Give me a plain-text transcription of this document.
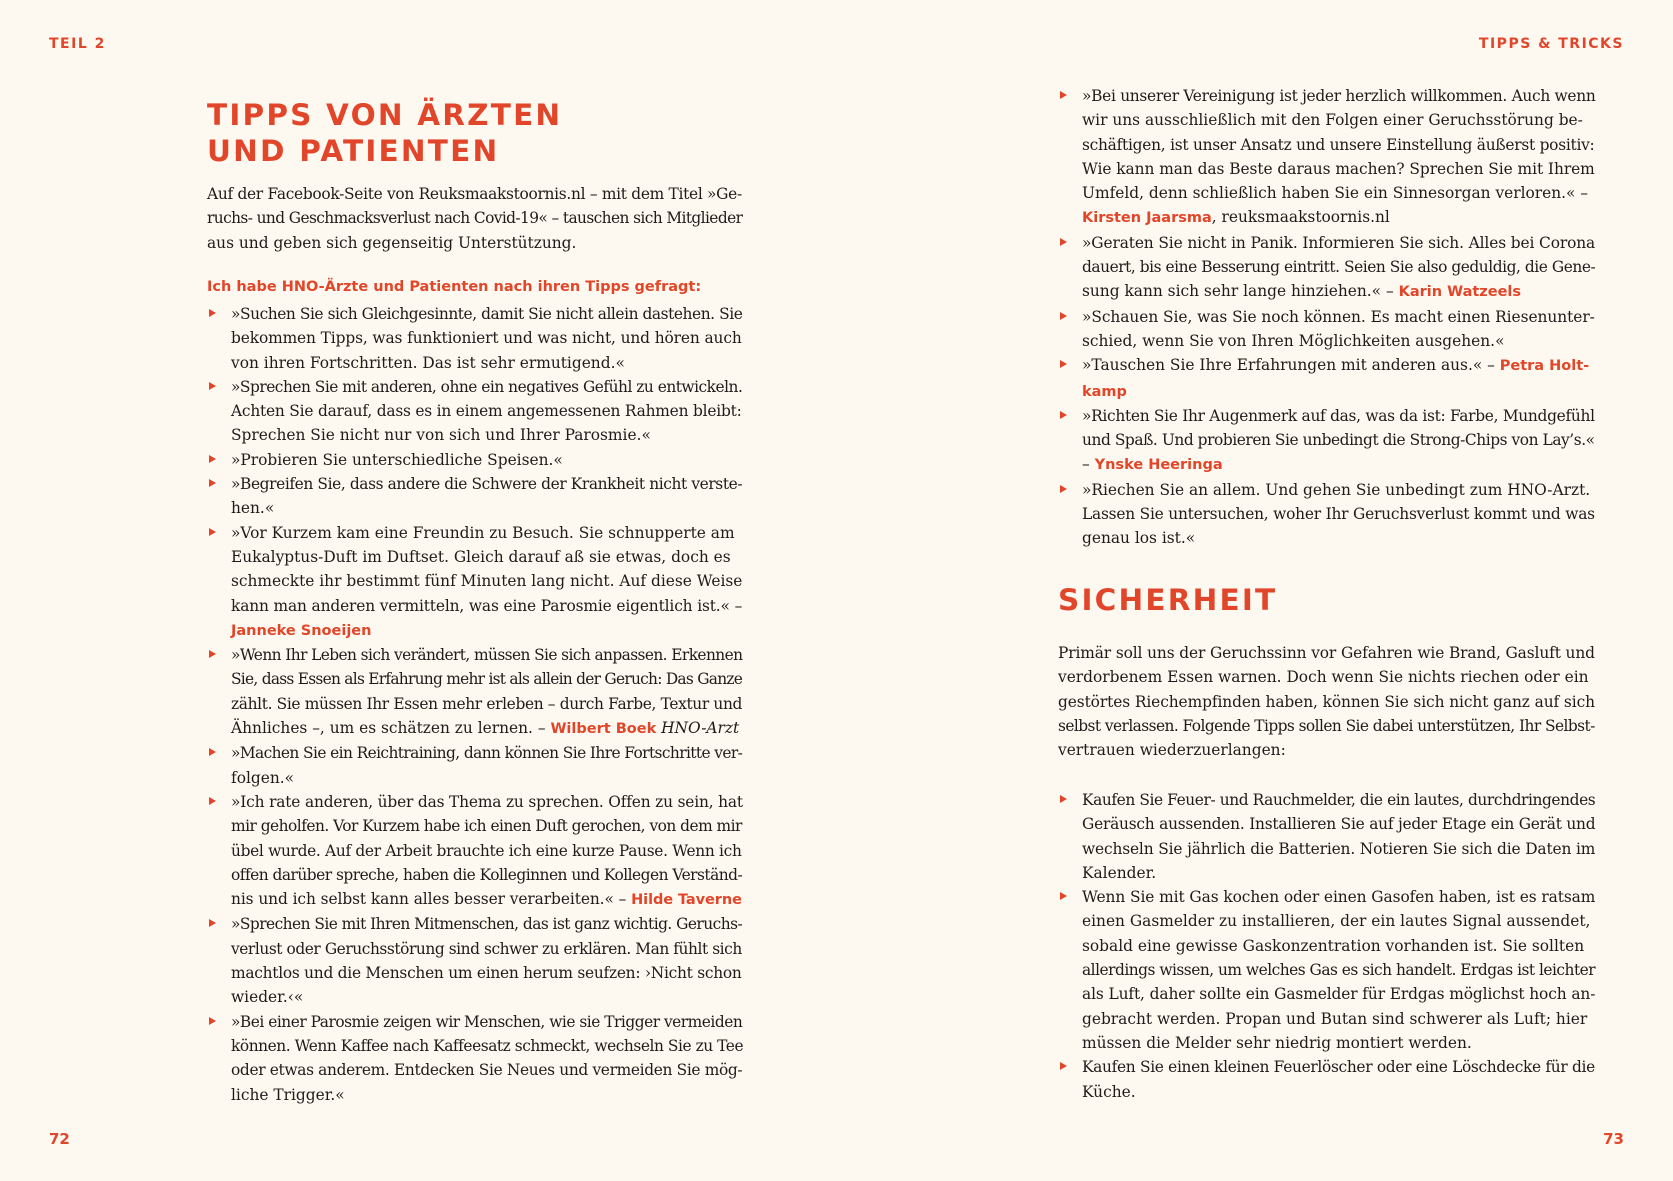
TEIL 2	TIPPS & TRICKS
TIPPS VON ÄRZTEN
UND PATIENTEN

Auf der Facebook-Seite von Reuksmaakstoornis.nl – mit dem Titel »Ge-
ruchs- und Geschmacksverlust nach Covid-19« – tauschen sich Mitglieder
aus und geben sich gegenseitig Unterstützung.

Ich habe HNO-Ärzte und Patienten nach ihren Tipps gefragt:
»Suchen Sie sich Gleichgesinnte, damit Sie nicht allein dastehen. Sie
bekommen Tipps, was funktioniert und was nicht, und hören auch
von ihren Fortschritten. Das ist sehr ermutigend.«
»Sprechen Sie mit anderen, ohne ein negatives Gefühl zu entwickeln.
Achten Sie darauf, dass es in einem angemessenen Rahmen bleibt:
Sprechen Sie nicht nur von sich und Ihrer Parosmie.«
»Probieren Sie unterschiedliche Speisen.«
»Begreifen Sie, dass andere die Schwere der Krankheit nicht verste-
hen.«
»Vor Kurzem kam eine Freundin zu Besuch. Sie schnupperte am
Eukalyptus-Duft im Duftset. Gleich darauf aß sie etwas, doch es
schmeckte ihr bestimmt fünf Minuten lang nicht. Auf diese Weise
kann man anderen vermitteln, was eine Parosmie eigentlich ist.« –
Janneke Snoeijen
»Wenn Ihr Leben sich verändert, müssen Sie sich anpassen. Erkennen
Sie, dass Essen als Erfahrung mehr ist als allein der Geruch: Das Ganze
zählt. Sie müssen Ihr Essen mehr erleben – durch Farbe, Textur und
Ähnliches –, um es schätzen zu lernen. – Wilbert Boek HNO-Arzt
»Machen Sie ein Reichtraining, dann können Sie Ihre Fortschritte ver-
folgen.«
»Ich rate anderen, über das Thema zu sprechen. Offen zu sein, hat
mir geholfen. Vor Kurzem habe ich einen Duft gerochen, von dem mir
übel wurde. Auf der Arbeit brauchte ich eine kurze Pause. Wenn ich
offen darüber spreche, haben die Kolleginnen und Kollegen Verständ-
nis und ich selbst kann alles besser verarbeiten.« – Hilde Taverne
»Sprechen Sie mit Ihren Mitmenschen, das ist ganz wichtig. Geruchs-
verlust oder Geruchsstörung sind schwer zu erklären. Man fühlt sich
machtlos und die Menschen um einen herum seufzen: ›Nicht schon
wieder.‹«
»Bei einer Parosmie zeigen wir Menschen, wie sie Trigger vermeiden
können. Wenn Kaffee nach Kaffeesatz schmeckt, wechseln Sie zu Tee
oder etwas anderem. Entdecken Sie Neues und vermeiden Sie mög-
liche Trigger.«
»Bei unserer Vereinigung ist jeder herzlich willkommen. Auch wenn
wir uns ausschließlich mit den Folgen einer Geruchsstörung be-
schäftigen, ist unser Ansatz und unsere Einstellung äußerst positiv:
Wie kann man das Beste daraus machen? Sprechen Sie mit Ihrem
Umfeld, denn schließlich haben Sie ein Sinnesorgan verloren.« –
Kirsten Jaarsma, reuksmaakstoornis.nl
»Geraten Sie nicht in Panik. Informieren Sie sich. Alles bei Corona
dauert, bis eine Besserung eintritt. Seien Sie also geduldig, die Gene-
sung kann sich sehr lange hinziehen.« – Karin Watzeels
»Schauen Sie, was Sie noch können. Es macht einen Riesenunter-
schied, wenn Sie von Ihren Möglichkeiten ausgehen.«
»Tauschen Sie Ihre Erfahrungen mit anderen aus.« – Petra Holt-
kamp
»Richten Sie Ihr Augenmerk auf das, was da ist: Farbe, Mundgefühl
und Spaß. Und probieren Sie unbedingt die Strong-Chips von Lay’s.«
– Ynske Heeringa
»Riechen Sie an allem. Und gehen Sie unbedingt zum HNO-Arzt.
Lassen Sie untersuchen, woher Ihr Geruchsverlust kommt und was
genau los ist.«
SICHERHEIT

Primär soll uns der Geruchssinn vor Gefahren wie Brand, Gasluft und
verdorbenem Essen warnen. Doch wenn Sie nichts riechen oder ein
gestörtes Riechempfinden haben, können Sie sich nicht ganz auf sich
selbst verlassen. Folgende Tipps sollen Sie dabei unterstützen, Ihr Selbst-
vertrauen wiederzuerlangen:

Kaufen Sie Feuer- und Rauchmelder, die ein lautes, durchdringendes
Geräusch aussenden. Installieren Sie auf jeder Etage ein Gerät und
wechseln Sie jährlich die Batterien. Notieren Sie sich die Daten im
Kalender.
Wenn Sie mit Gas kochen oder einen Gasofen haben, ist es ratsam
einen Gasmelder zu installieren, der ein lautes Signal aussendet,
sobald eine gewisse Gaskonzentration vorhanden ist. Sie sollten
allerdings wissen, um welches Gas es sich handelt. Erdgas ist leichter
als Luft, daher sollte ein Gasmelder für Erdgas möglichst hoch an-
gebracht werden. Propan und Butan sind schwerer als Luft; hier
müssen die Melder sehr niedrig montiert werden.
Kaufen Sie einen kleinen Feuerlöscher oder eine Löschdecke für die
Küche.
72	73
